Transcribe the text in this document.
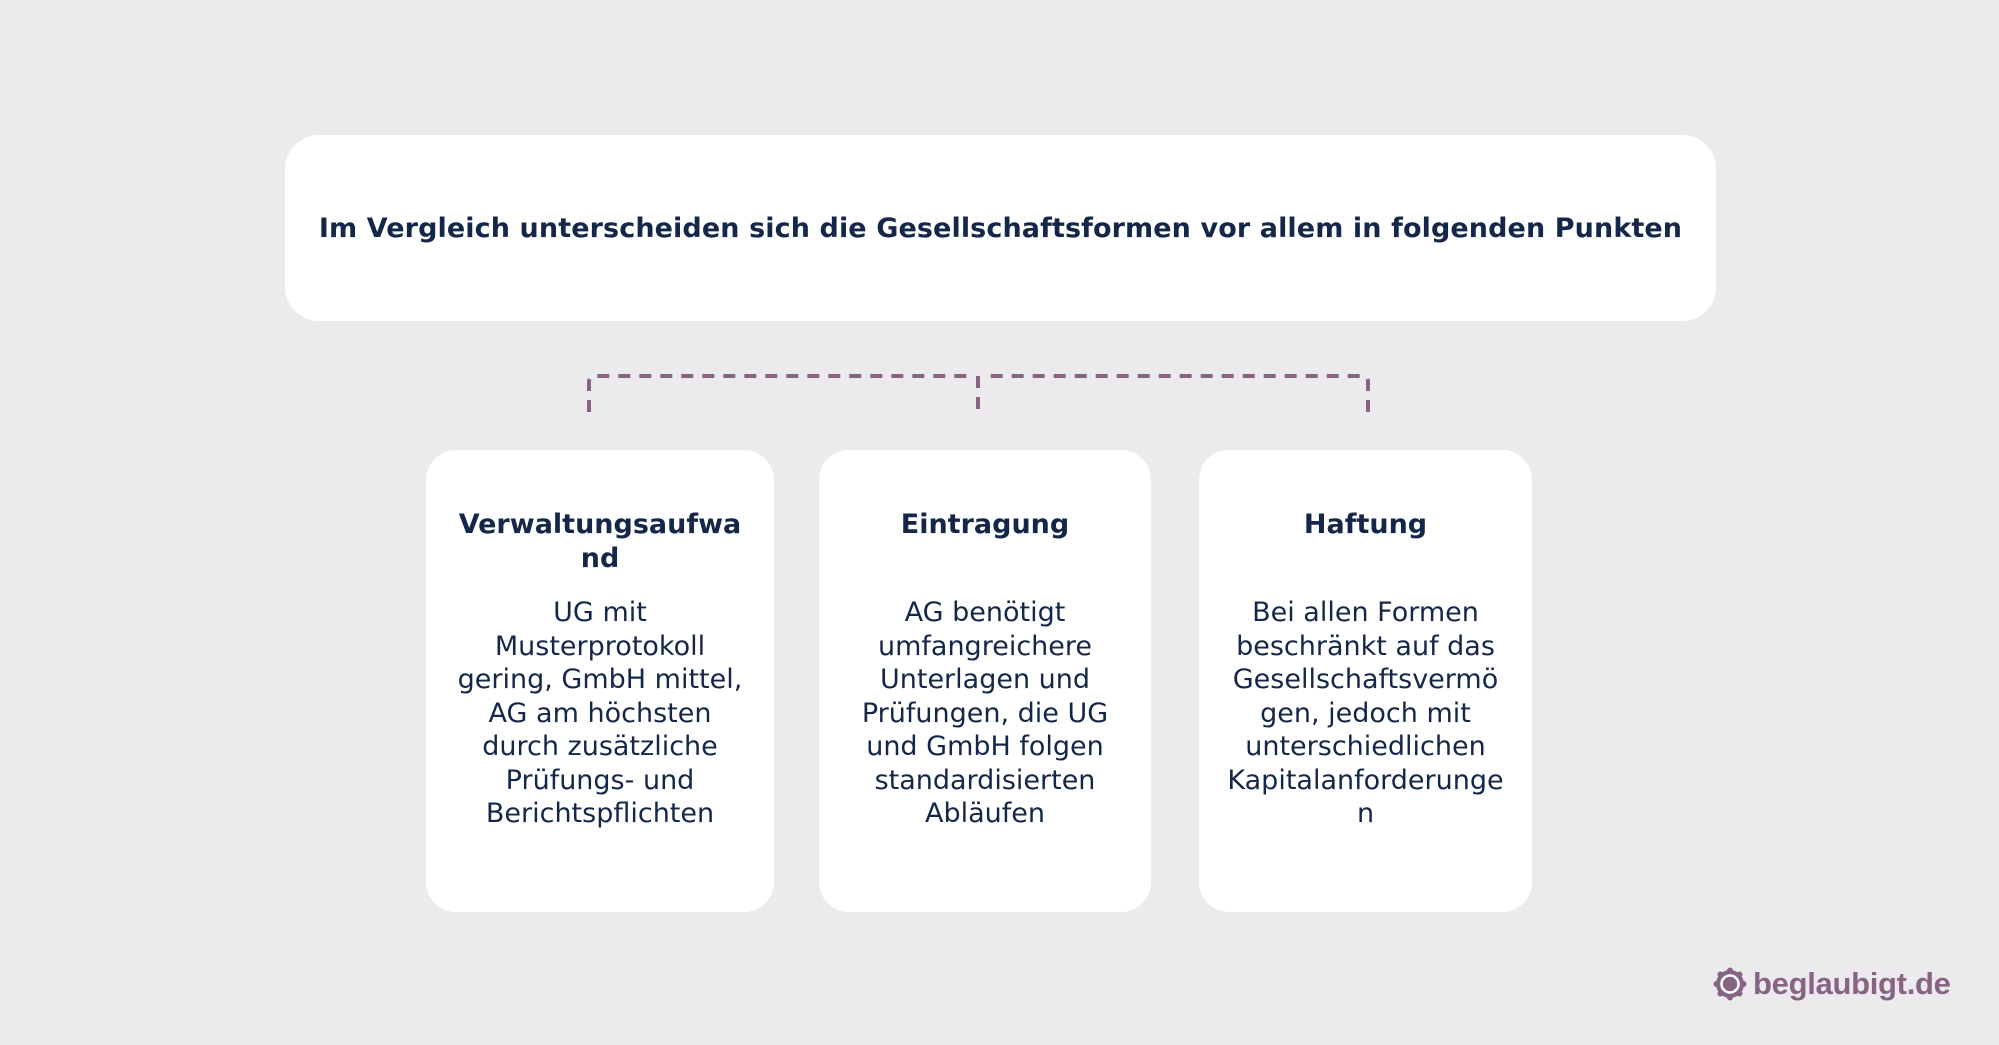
Im Vergleich unterscheiden sich die Gesellschaftsformen vor allem in folgenden Punkten
Verwaltungsaufwand
UG mit Musterprotokoll gering, GmbH mittel, AG am höchsten durch zusätzliche Prüfungs- und Berichtspflichten
Eintragung
AG benötigt umfangreichere Unterlagen und Prüfungen, die UG und GmbH folgen standardisierten Abläufen
Haftung
Bei allen Formen beschränkt auf das Gesellschaftsvermögen, jedoch mit unterschiedlichen Kapitalanforderungen
beglaubigt.de
